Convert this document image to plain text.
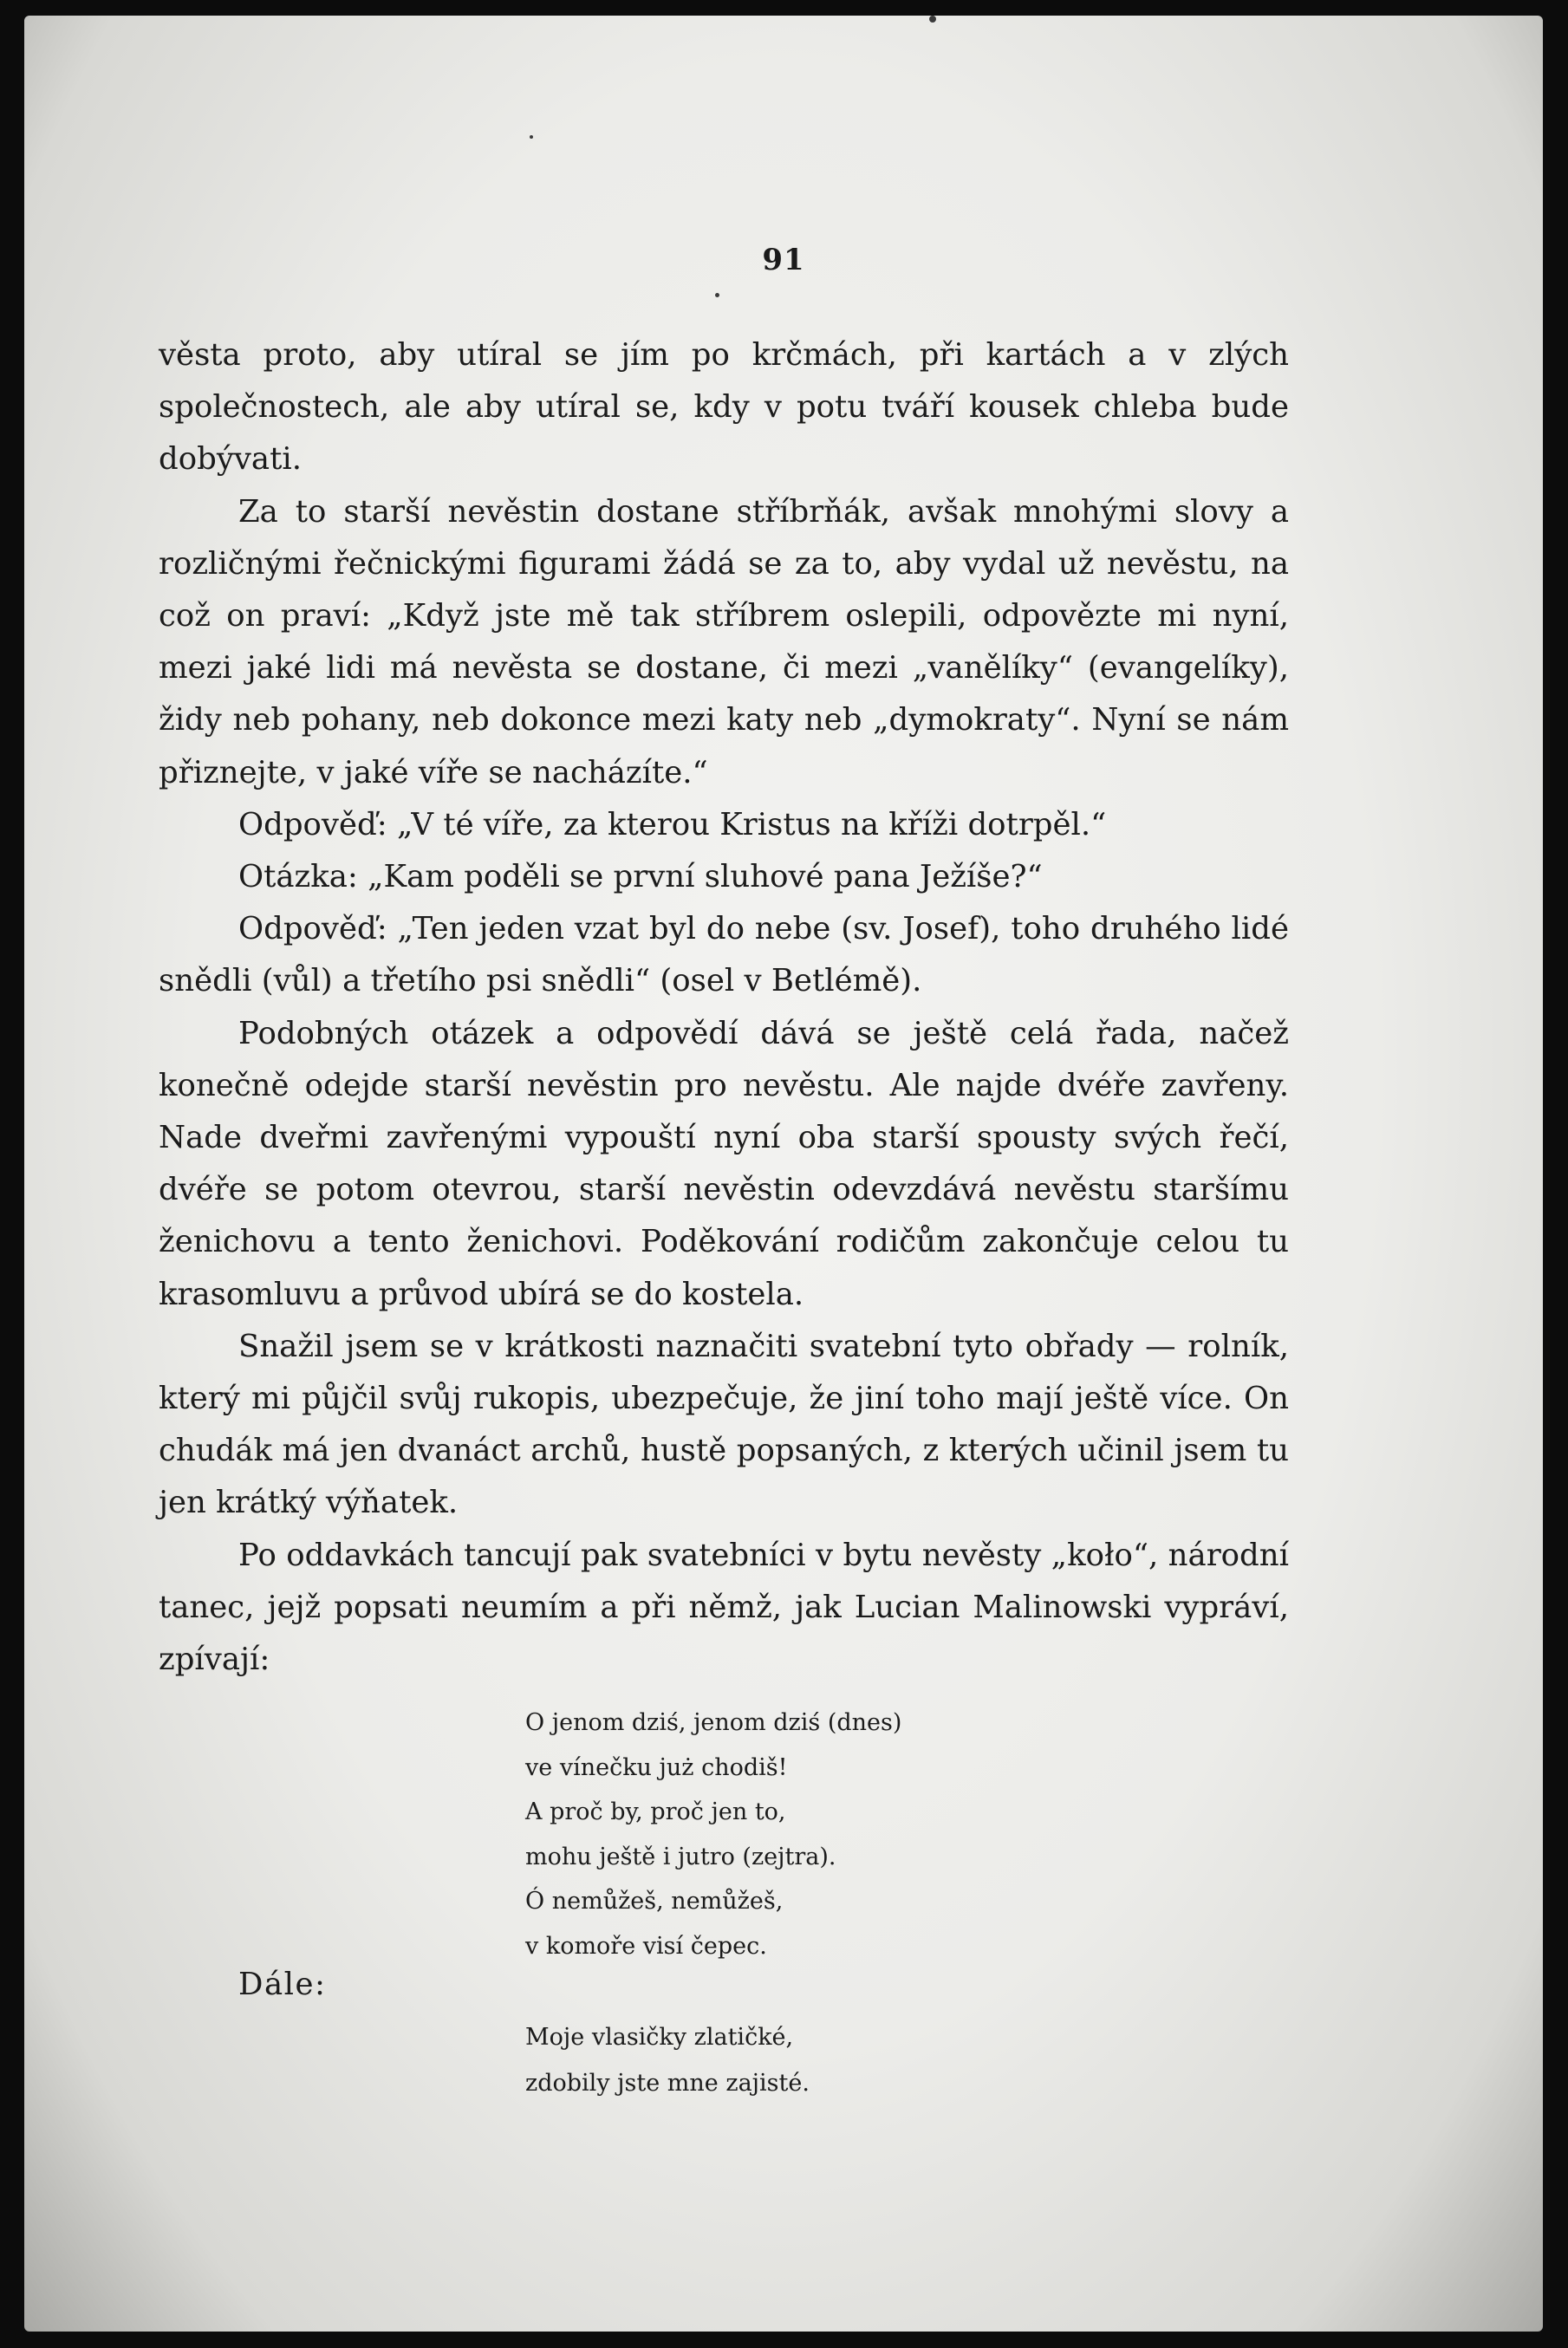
91

věsta proto, aby utíral se jím po krčmách, při kartách a v zlých společnostech, ale aby utíral se, kdy v potu tváří kousek chleba bude dobývati.

Za to starší nevěstin dostane stříbrňák, avšak mnohými slovy a rozličnými řečnickými figurami žádá se za to, aby vydal už nevěstu, na což on praví: „Když jste mě tak stříbrem oslepili, odpovězte mi nyní, mezi jaké lidi má nevěsta se dostane, či mezi „vanělíky“ (evangelíky), židy neb pohany, neb dokonce mezi katy neb „dymokraty“. Nyní se nám přiznejte, v jaké víře se nacházíte.“

Odpověď: „V té víře, za kterou Kristus na kříži dotrpěl.“

Otázka: „Kam poděli se první sluhové pana Ježíše?“

Odpověď: „Ten jeden vzat byl do nebe (sv. Josef), toho druhého lidé snědli (vůl) a třetího psi snědli“ (osel v Betlémě).

Podobných otázek a odpovědí dává se ještě celá řada, načež konečně odejde starší nevěstin pro nevěstu. Ale najde dvéře zavřeny. Nade dveřmi zavřenými vypouští nyní oba starší spousty svých řečí, dvéře se potom otevrou, starší nevěstin odevzdává nevěstu staršímu ženichovu a tento ženichovi. Poděkování rodičům zakončuje celou tu krasomluvu a průvod ubírá se do kostela.

Snažil jsem se v krátkosti naznačiti svatební tyto obřady — rolník, který mi půjčil svůj rukopis, ubezpečuje, že jiní toho mají ještě více. On chudák má jen dvanáct archů, hustě popsaných, z kterých učinil jsem tu jen krátký výňatek.

Po oddavkách tancují pak svatebníci v bytu nevěsty „koło“, národní tanec, jejž popsati neumím a při němž, jak Lucian Malinowski vypráví, zpívají:

O jenom dziś, jenom dziś (dnes)
ve vínečku już chodiš!
A proč by, proč jen to,
mohu ještě i jutro (zejtra).
Ó nemůžeš, nemůžeš,
v komoře visí čepec.
Dále:
Moje vlasičky zlatičké,
zdobily jste mne zajisté.
